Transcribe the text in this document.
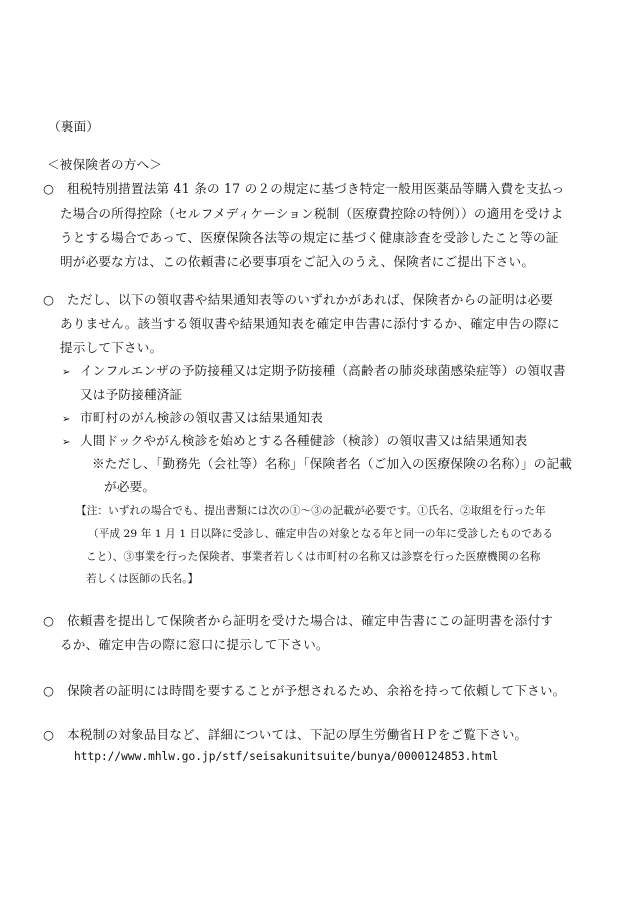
（裏面）
＜被保険者の方へ＞
○ 租税特別措置法第 41 条の 17 の２の規定に基づき特定一般用医薬品等購入費を支払っ
た場合の所得控除（セルフメディケーション税制（医療費控除の特例））の適用を受けよ
うとする場合であって、医療保険各法等の規定に基づく健康診査を受診したこと等の証
明が必要な方は、この依頼書に必要事項をご記入のうえ、保険者にご提出下さい。
○ ただし、以下の領収書や結果通知表等のいずれかがあれば、保険者からの証明は必要
ありません。該当する領収書や結果通知表を確定申告書に添付するか、確定申告の際に
提示して下さい。
➢ インフルエンザの予防接種又は定期予防接種（高齢者の肺炎球菌感染症等）の領収書
又は予防接種済証
➢ 市町村のがん検診の領収書又は結果通知表
➢ 人間ドックやがん検診を始めとする各種健診（検診）の領収書又は結果通知表
※ただし、「勤務先（会社等）名称」「保険者名（ご加入の医療保険の名称）」の記載
が必要。
【注：いずれの場合でも、提出書類には次の①～③の記載が必要です。①氏名、②取組を行った年
（平成 29 年 1 月 1 日以降に受診し、確定申告の対象となる年と同一の年に受診したものである
こと）、③事業を行った保険者、事業者若しくは市町村の名称又は診察を行った医療機関の名称
若しくは医師の氏名。】
○ 依頼書を提出して保険者から証明を受けた場合は、確定申告書にこの証明書を添付す
るか、確定申告の際に窓口に提示して下さい。
○ 保険者の証明には時間を要することが予想されるため、余裕を持って依頼して下さい。
○ 本税制の対象品目など、詳細については、下記の厚生労働省ＨＰをご覧下さい。
http://www.mhlw.go.jp/stf/seisakunitsuite/bunya/0000124853.html
